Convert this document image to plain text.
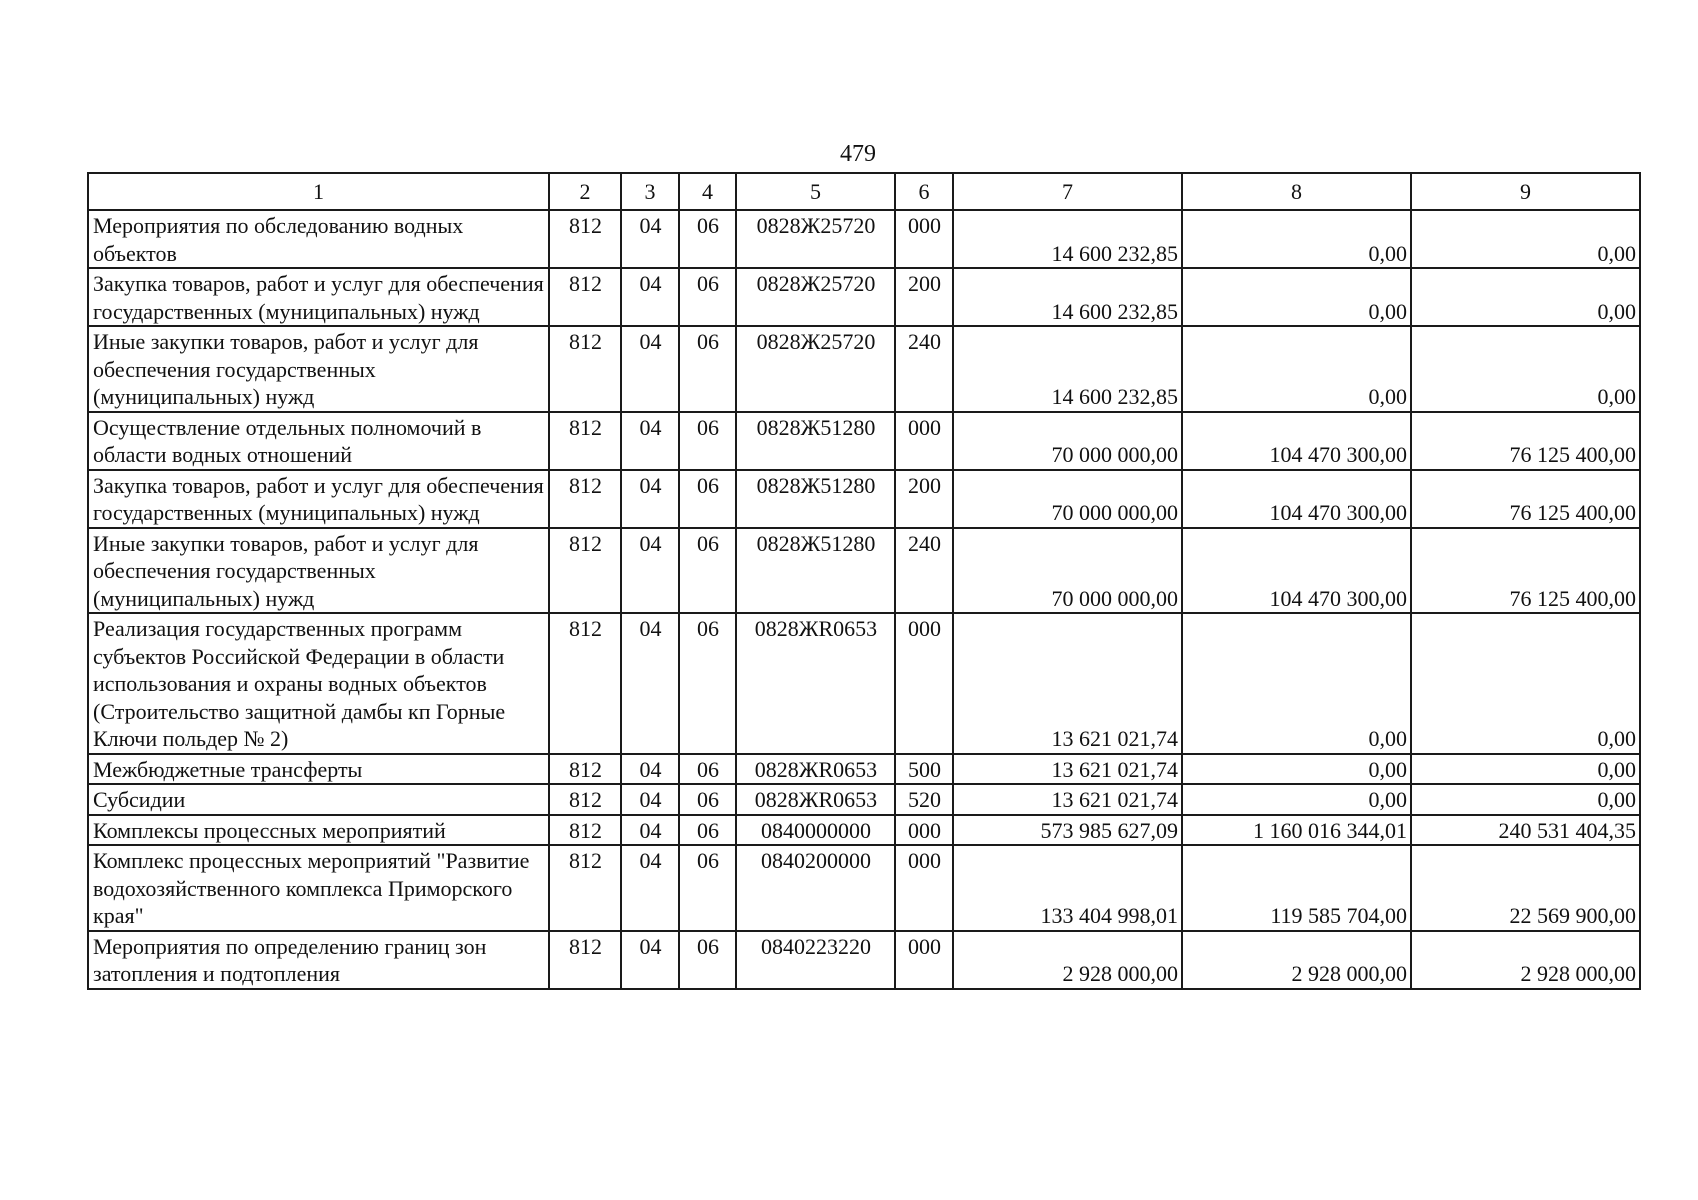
479
1	2	3	4	5	6	7	8	9
Мероприятия по обследованию водных объектов	812	04	06	0828Ж25720	000	14 600 232,85	0,00	0,00
Закупка товаров, работ и услуг для обеспечения государственных (муниципальных) нужд	812	04	06	0828Ж25720	200	14 600 232,85	0,00	0,00
Иные закупки товаров, работ и услуг для обеспечения государственных (муниципальных) нужд	812	04	06	0828Ж25720	240	14 600 232,85	0,00	0,00
Осуществление отдельных полномочий в области водных отношений	812	04	06	0828Ж51280	000	70 000 000,00	104 470 300,00	76 125 400,00
Закупка товаров, работ и услуг для обеспечения государственных (муниципальных) нужд	812	04	06	0828Ж51280	200	70 000 000,00	104 470 300,00	76 125 400,00
Иные закупки товаров, работ и услуг для обеспечения государственных (муниципальных) нужд	812	04	06	0828Ж51280	240	70 000 000,00	104 470 300,00	76 125 400,00
Реализация государственных программ субъектов Российской Федерации в области использования и охраны водных объектов (Строительство защитной дамбы кп Горные Ключи польдер № 2)	812	04	06	0828ЖR0653	000	13 621 021,74	0,00	0,00
Межбюджетные трансферты	812	04	06	0828ЖR0653	500	13 621 021,74	0,00	0,00
Субсидии	812	04	06	0828ЖR0653	520	13 621 021,74	0,00	0,00
Комплексы процессных мероприятий	812	04	06	0840000000	000	573 985 627,09	1 160 016 344,01	240 531 404,35
Комплекс процессных мероприятий "Развитие водохозяйственного комплекса Приморского края"	812	04	06	0840200000	000	133 404 998,01	119 585 704,00	22 569 900,00
Мероприятия по определению границ зон затопления и подтопления	812	04	06	0840223220	000	2 928 000,00	2 928 000,00	2 928 000,00
